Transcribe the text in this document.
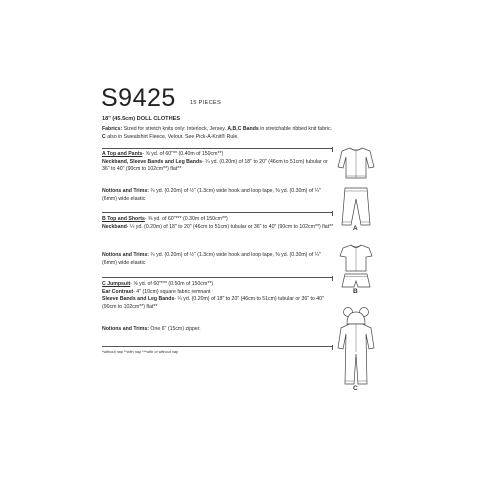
S9425	15 PIECES
18" (45.5cm) DOLL CLOTHES
Fabrics: Sized for stretch knits only: Interlock, Jersey. A,B,C Bands in stretchable ribbed knit fabric. C also in Sweatshirt Fleece, Velour. See Pick-A-Knit® Rule.
A Top and Pants- ⅝ yd. of 60"** (0.40m of 150cm**)
Neckband, Sleeve Bands and Leg Bands- ¼ yd. (0.20m) of 18" to 20" (46cm to 51cm) tubular or 36" to 40" (90cm to 102cm**) flat**
Notions and Trims: ¼ yd. (0.20m) of ½" (1.3cm) wide hook and loop tape, ⅜ yd. (0.30m) of ¼" (6mm) wide elastic
A
B Top and Shorts- ⅜ yd. of 60"*** (0.30m of 150cm**)
Neckband- ¼ yd. (0.20m) of 18" to 20" (46cm to 51cm) tubular or 36" to 40" (90cm to 102cm**) flat**
Notions and Trims: ¼ yd. (0.20m) of ½" (1.3cm) wide hook and loop tape, ⅜ yd. (0.30m) of ¼" (6mm) wide elastic
B
C Jumpsuit- ⅝ yd. of 60"*** (0.50m of 150cm**)
Ear Contrast- 4" (10cm) square fabric remnant
Sleeve Bands and Leg Bands- ¼ yd. (0.20m) of 18" to 20" (46cm to 51cm) tubular or 36" to 40" (90cm to 102cm**) flat**
Notions and Trims: One 6" (15cm) zipper.
C
*without nap **with nap ***with or without nap
